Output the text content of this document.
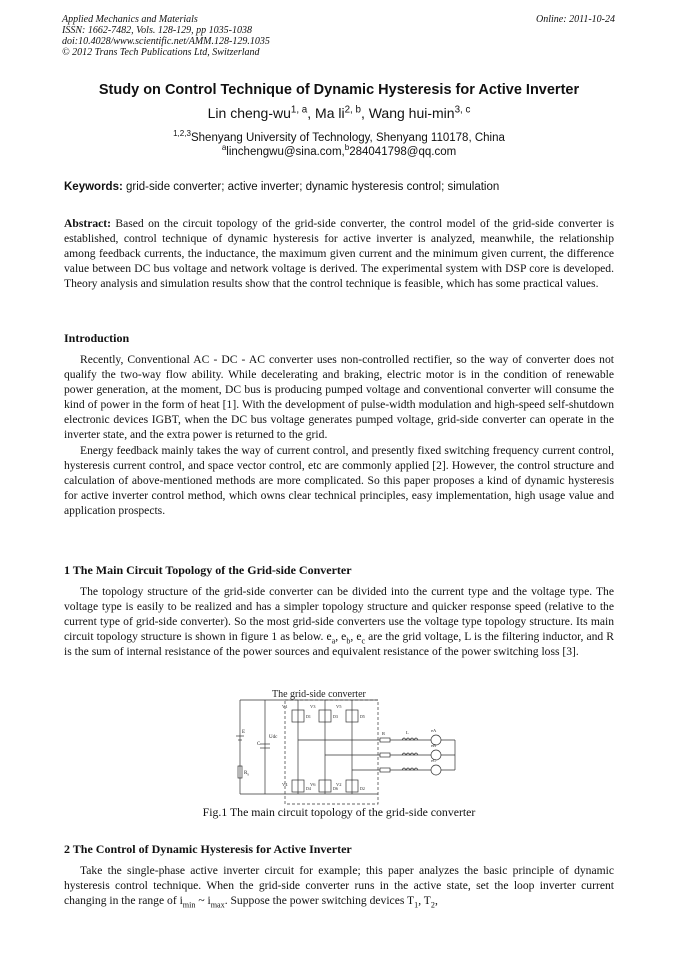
Applied Mechanics and Materials
ISSN: 1662-7482, Vols. 128-129, pp 1035-1038
doi:10.4028/www.scientific.net/AMM.128-129.1035
© 2012 Trans Tech Publications Ltd, Switzerland
Online: 2011-10-24
Study on Control Technique of Dynamic Hysteresis for Active Inverter
Lin cheng-wu$^{1, a}$, Ma li$^{2, b}$, Wang hui-$\min^{3, c}$
$^{1,2,3}$Shenyang University of Technology, Shenyang 110178, China
$^a$linchengwu@sina.com,$^b$284041798@qq.com
Keywords: grid-side converter; active inverter; dynamic hysteresis control; simulation

Abstract: Based on the circuit topology of the grid-side converter, the control model of the grid-side converter is established, control technique of dynamic hysteresis for active inverter is analyzed, meanwhile, the relationship among feedback currents, the inductance, the maximum given current and the minimum given current, the difference value between DC bus voltage and network voltage is derived. The experimental system with DSP core is developed. Theory analysis and simulation results show that the control technique is feasible, which has some practical values.

Introduction

Recently, Conventional AC - DC - AC converter uses non-controlled rectifier, so the way of converter does not qualify the two-way flow ability. While decelerating and braking, electric motor is in the condition of renewable power generation, at the moment, DC bus is producing pumped voltage and conventional converter will consume the kind of power in the form of heat [1]. With the development of pulse-width modulation and high-speed self-shutdown electronic devices IGBT, when the DC bus voltage generates pumped voltage, grid-side converter can operate in the inverter state, and the extra power is returned to the grid.

Energy feedback mainly takes the way of current control, and presently fixed switching frequency current control, hysteresis current control, and space vector control, etc are commonly applied [2]. However, the control structure and calculation of above-mentioned methods are more complicated. So this paper proposes a kind of dynamic hysteresis for active inverter control method, which owns clear technical principles, easy implementation, high usage value and application prospects.

1 The Main Circuit Topology of the Grid-side Converter

The topology structure of the grid-side converter can be divided into the current type and the voltage type. The voltage type is easily to be realized and has a simpler topology structure and quicker response speed (relative to the current type of grid-side converter). So the most grid-side converters use the voltage type topology structure. Its main circuit topology structure is shown in figure 1 as below. $e_a$, $e_b$, $e_c$ are the grid voltage, L is the filtering inductor, and R is the sum of internal resistance of the power sources and equivalent resistance of the power switching loss [3].

The grid-side converter
E
$R_s$
C
Udc
V1	V3	V5
V4	V6	V2
D1	D3	D5
D4	D6	D2
R	L	eA
eB
eC
Fig.1 The main circuit topology of the grid-side converter
2 The Control of Dynamic Hysteresis for Active Inverter

Take the single-phase active inverter circuit for example; this paper analyzes the basic principle of dynamic hysteresis control technique. When the grid-side converter runs in the active state, set the loop inverter current changing in the range of $i_{min}$ ~ $i_{max}$. Suppose the power switching devices $T_1$, $T_2$,
